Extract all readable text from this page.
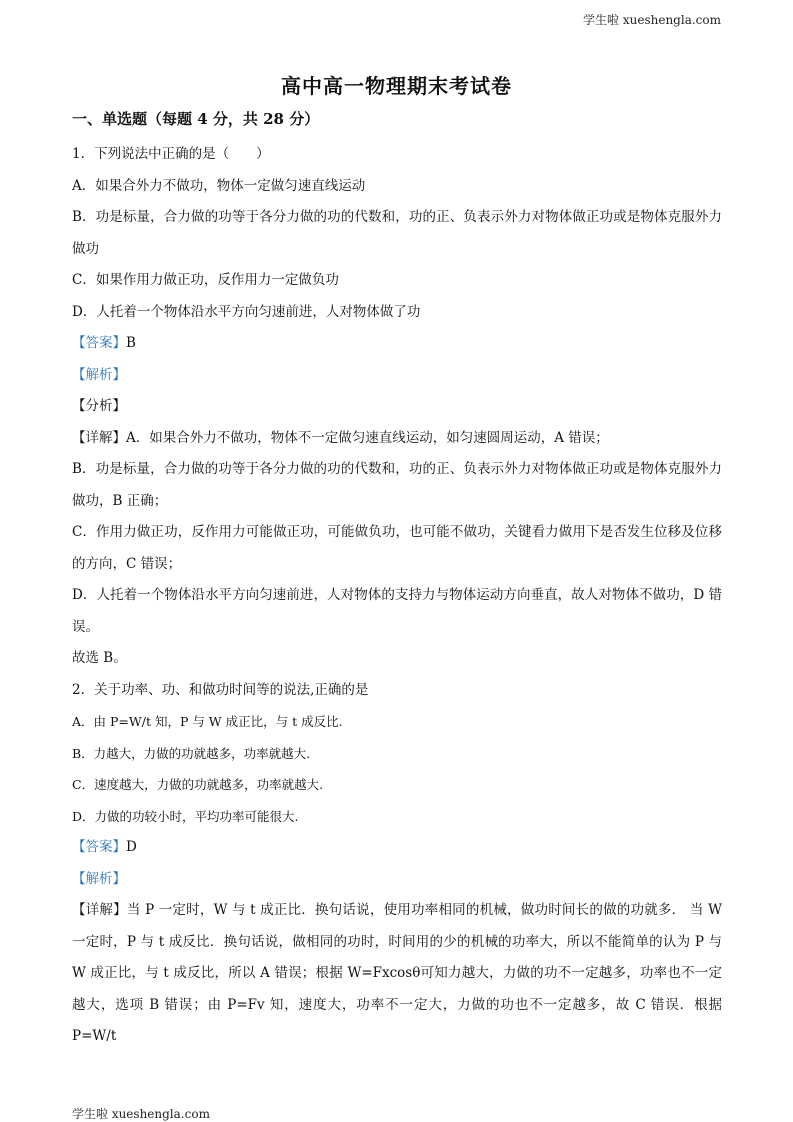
学生啦 xueshengla.com
高中高一物理期末考试卷
一、单选题（每题 4 分，共 28 分）

1．下列说法中正确的是（　　）

A．如果合外力不做功，物体一定做匀速直线运动

B．功是标量，合力做的功等于各分力做的功的代数和，功的正、负表示外力对物体做正功或是物体克服外力做功

C．如果作用力做正功，反作用力一定做负功

D．人托着一个物体沿水平方向匀速前进，人对物体做了功

【答案】B

【解析】

【分析】

【详解】A．如果合外力不做功，物体不一定做匀速直线运动，如匀速圆周运动，A 错误；

B．功是标量，合力做的功等于各分力做的功的代数和，功的正、负表示外力对物体做正功或是物体克服外力做功，B 正确；

C．作用力做正功，反作用力可能做正功，可能做负功，也可能不做功，关键看力做用下是否发生位移及位移的方向，C 错误；

D．人托着一个物体沿水平方向匀速前进，人对物体的支持力与物体运动方向垂直，故人对物体不做功，D 错误。

故选 B。

2．关于功率、功、和做功时间等的说法,正确的是

A．由 P=W/t 知，P 与 W 成正比，与 t 成反比.

B．力越大，力做的功就越多，功率就越大.

C．速度越大，力做的功就越多，功率就越大.

D．力做的功较小时，平均功率可能很大.

【答案】D

【解析】

【详解】当 P 一定时，W 与 t 成正比．换句话说，使用功率相同的机械，做功时间长的做的功就多． 当 W 一定时，P 与 t 成反比．换句话说，做相同的功时，时间用的少的机械的功率大，所以不能简单的认为 P 与 W 成正比，与 t 成反比，所以 A 错误；根据 W=Fxcosθ可知力越大，力做的功不一定越多，功率也不一定越大，选项 B 错误；由 P=Fv 知，速度大，功率不一定大，力做的功也不一定越多，故 C 错误．根据 P=W/t

学生啦 xueshengla.com
